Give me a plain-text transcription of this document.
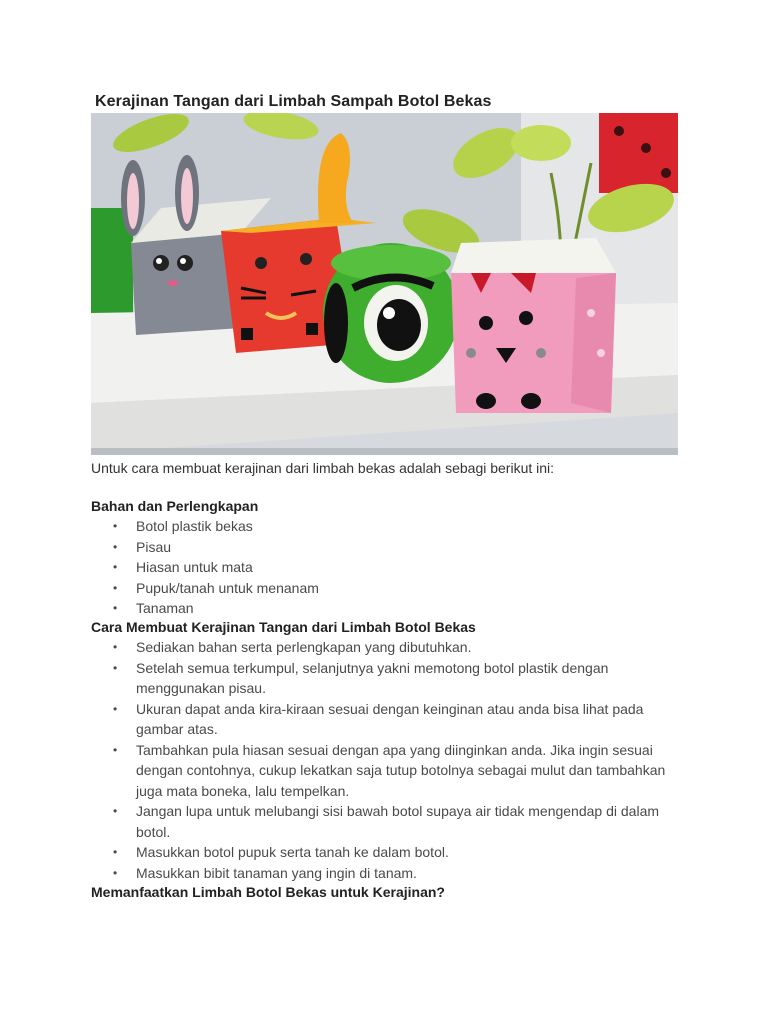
Kerajinan Tangan dari Limbah Sampah Botol Bekas
Untuk cara membuat kerajinan dari limbah bekas adalah sebagi berikut ini:
Bahan dan Perlengkapan
• Botol plastik bekas
• Pisau
• Hiasan untuk mata
• Pupuk/tanah untuk menanam
• Tanaman
Cara Membuat Kerajinan Tangan dari Limbah Botol Bekas
• Sediakan bahan serta perlengkapan yang dibutuhkan.
• Setelah semua terkumpul, selanjutnya yakni memotong botol plastik dengan menggunakan pisau.
• Ukuran dapat anda kira-kiraan sesuai dengan keinginan atau anda bisa lihat pada gambar atas.
• Tambahkan pula hiasan sesuai dengan apa yang diinginkan anda. Jika ingin sesuai dengan contohnya, cukup lekatkan saja tutup botolnya sebagai mulut dan tambahkan juga mata boneka, lalu tempelkan.
• Jangan lupa untuk melubangi sisi bawah botol supaya air tidak mengendap di dalam botol.
• Masukkan botol pupuk serta tanah ke dalam botol.
• Masukkan bibit tanaman yang ingin di tanam.
Memanfaatkan Limbah Botol Bekas untuk Kerajinan?
